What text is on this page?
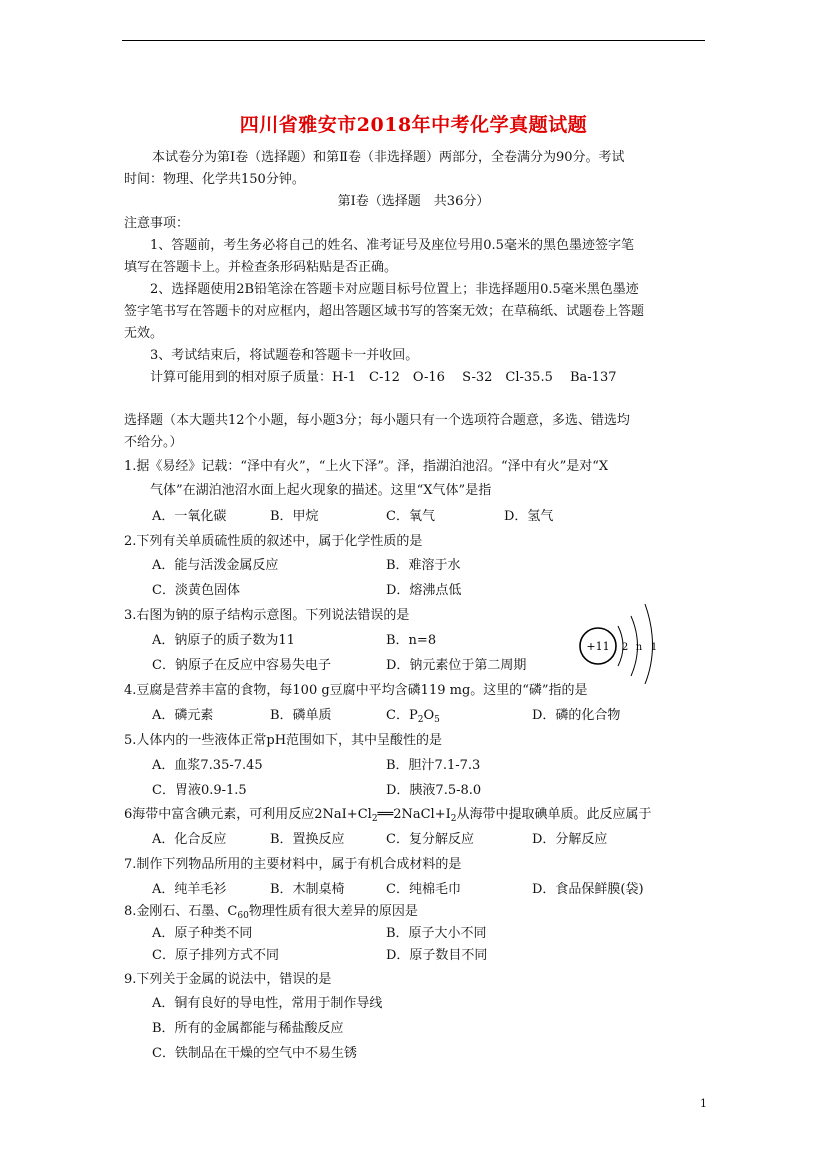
四川省雅安市2018年中考化学真题试题
本试卷分为第Ⅰ卷（选择题）和第Ⅱ卷（非选择题）两部分，全卷满分为90分。考试
时间：物理、化学共150分钟。
第Ⅰ卷（选择题　共36分）
注意事项：
1、答题前，考生务必将自己的姓名、准考证号及座位号用0.5毫米的黑色墨迹签字笔
填写在答题卡上。并检查条形码粘贴是否正确。
2、选择题使用2B铅笔涂在答题卡对应题目标号位置上；非选择题用0.5毫米黑色墨迹
签字笔书写在答题卡的对应框内，超出答题区域书写的答案无效；在草稿纸、试题卷上答题
无效。
3、考试结束后，将试题卷和答题卡一并收回。
计算可能用到的相对原子质量：H-1　C-12　O-16　 S-32　Cl-35.5　 Ba-137
选择题（本大题共12个小题，每小题3分；每小题只有一个选项符合题意，多选、错选均
不给分。）
1.据《易经》记载：“泽中有火”，“上火下泽”。泽，指湖泊池沼。“泽中有火”是对“X
气体”在湖泊池沼水面上起火现象的描述。这里“X气体”是指
A．一氧化碳	B．甲烷	C．氧气	D．氢气
2.下列有关单质硫性质的叙述中，属于化学性质的是
A．能与活泼金属反应	B．难溶于水
C．淡黄色固体	D．熔沸点低
3.右图为钠的原子结构示意图。下列说法错误的是
A．钠原子的质子数为11	B．n=8
C．钠原子在反应中容易失电子	D．钠元素位于第二周期
+11 2 n 1
4.豆腐是营养丰富的食物，每100 g豆腐中平均含磷119 mg。这里的“磷”指的是
A．磷元素	B．磷单质	C．$P_2O_5$	D．磷的化合物
5.人体内的一些液体正常pH范围如下，其中呈酸性的是
A．血浆7.35-7.45	B．胆汁7.1-7.3
C．胃液0.9-1.5	D．胰液7.5-8.0
6海带中富含碘元素，可利用反应$2NaI+Cl_2══2NaCl+I_2$从海带中提取碘单质。此反应属于
A．化合反应	B．置换反应	C．复分解反应	D．分解反应
7.制作下列物品所用的主要材料中，属于有机合成材料的是
A．纯羊毛衫	B．木制桌椅	C．纯棉毛巾	D．食品保鲜膜(袋)
8.金刚石、石墨、$C_{60}$物理性质有很大差异的原因是
A．原子种类不同	B．原子大小不同
C．原子排列方式不同	D．原子数目不同
9.下列关于金属的说法中，错误的是
A．铜有良好的导电性，常用于制作导线
B．所有的金属都能与稀盐酸反应
C．铁制品在干燥的空气中不易生锈
1
